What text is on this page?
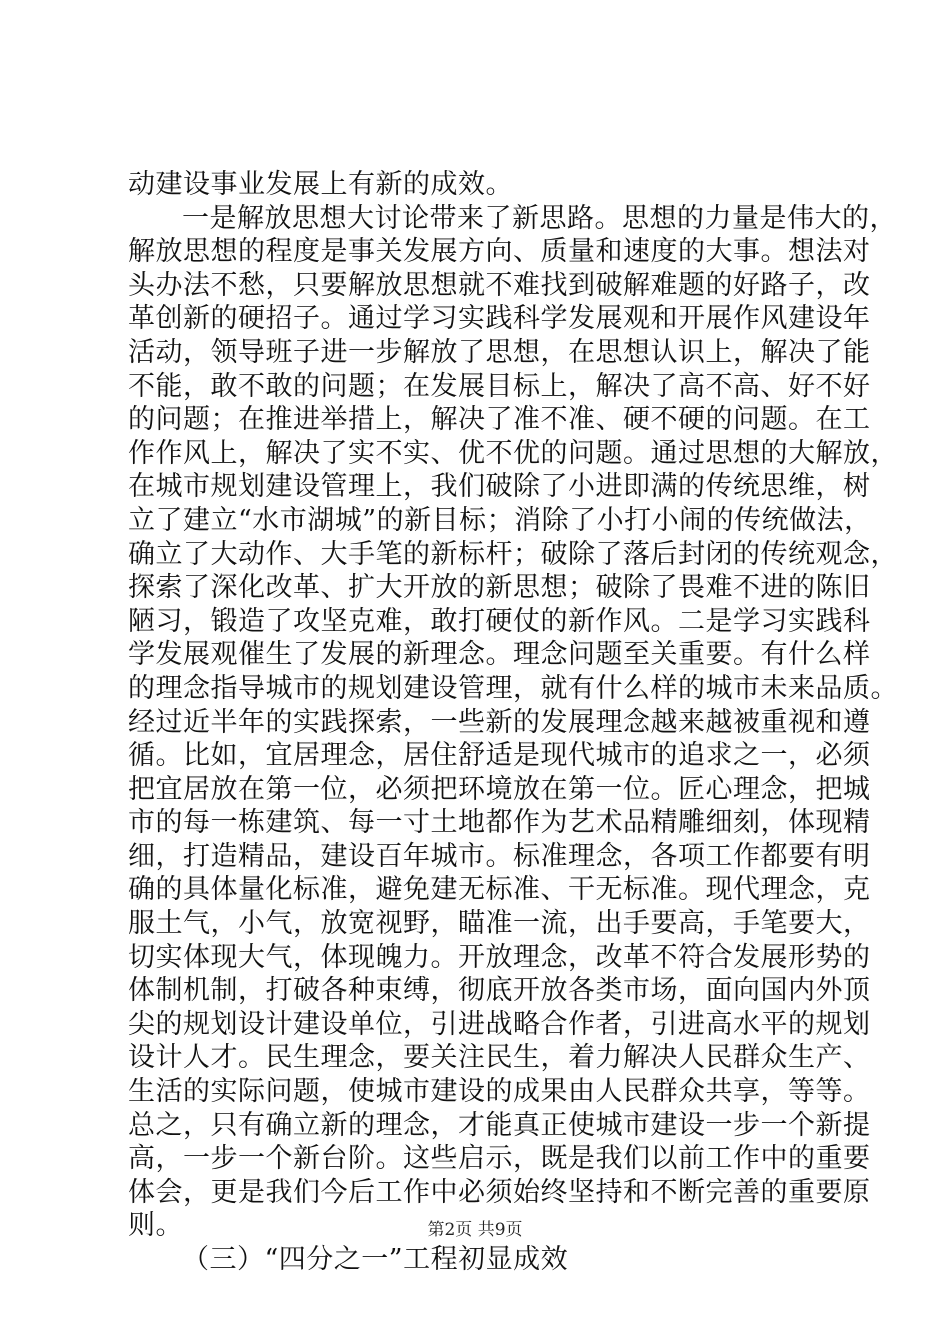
动建设事业发展上有新的成效。
一是解放思想大讨论带来了新思路。思想的力量是伟大的，
解放思想的程度是事关发展方向、质量和速度的大事。想法对
头办法不愁，只要解放思想就不难找到破解难题的好路子，改
革创新的硬招子。通过学习实践科学发展观和开展作风建设年
活动，领导班子进一步解放了思想，在思想认识上，解决了能
不能，敢不敢的问题；在发展目标上，解决了高不高、好不好
的问题；在推进举措上，解决了准不准、硬不硬的问题。在工
作作风上，解决了实不实、优不优的问题。通过思想的大解放，
在城市规划建设管理上，我们破除了小进即满的传统思维，树
立了建立“水市湖城”的新目标；消除了小打小闹的传统做法，
确立了大动作、大手笔的新标杆；破除了落后封闭的传统观念，
探索了深化改革、扩大开放的新思想；破除了畏难不进的陈旧
陋习，锻造了攻坚克难，敢打硬仗的新作风。二是学习实践科
学发展观催生了发展的新理念。理念问题至关重要。有什么样
的理念指导城市的规划建设管理，就有什么样的城市未来品质。
经过近半年的实践探索，一些新的发展理念越来越被重视和遵
循。比如，宜居理念，居住舒适是现代城市的追求之一，必须
把宜居放在第一位，必须把环境放在第一位。匠心理念，把城
市的每一栋建筑、每一寸土地都作为艺术品精雕细刻，体现精
细，打造精品，建设百年城市。标准理念，各项工作都要有明
确的具体量化标准，避免建无标准、干无标准。现代理念，克
服土气，小气，放宽视野，瞄准一流，出手要高，手笔要大，
切实体现大气，体现魄力。开放理念，改革不符合发展形势的
体制机制，打破各种束缚，彻底开放各类市场，面向国内外顶
尖的规划设计建设单位，引进战略合作者，引进高水平的规划
设计人才。民生理念，要关注民生，着力解决人民群众生产、
生活的实际问题，使城市建设的成果由人民群众共享，等等。
总之，只有确立新的理念，才能真正使城市建设一步一个新提
高，一步一个新台阶。这些启示，既是我们以前工作中的重要
体会，更是我们今后工作中必须始终坚持和不断完善的重要原
则。
（三）“四分之一”工程初显成效
第2页 共9页
